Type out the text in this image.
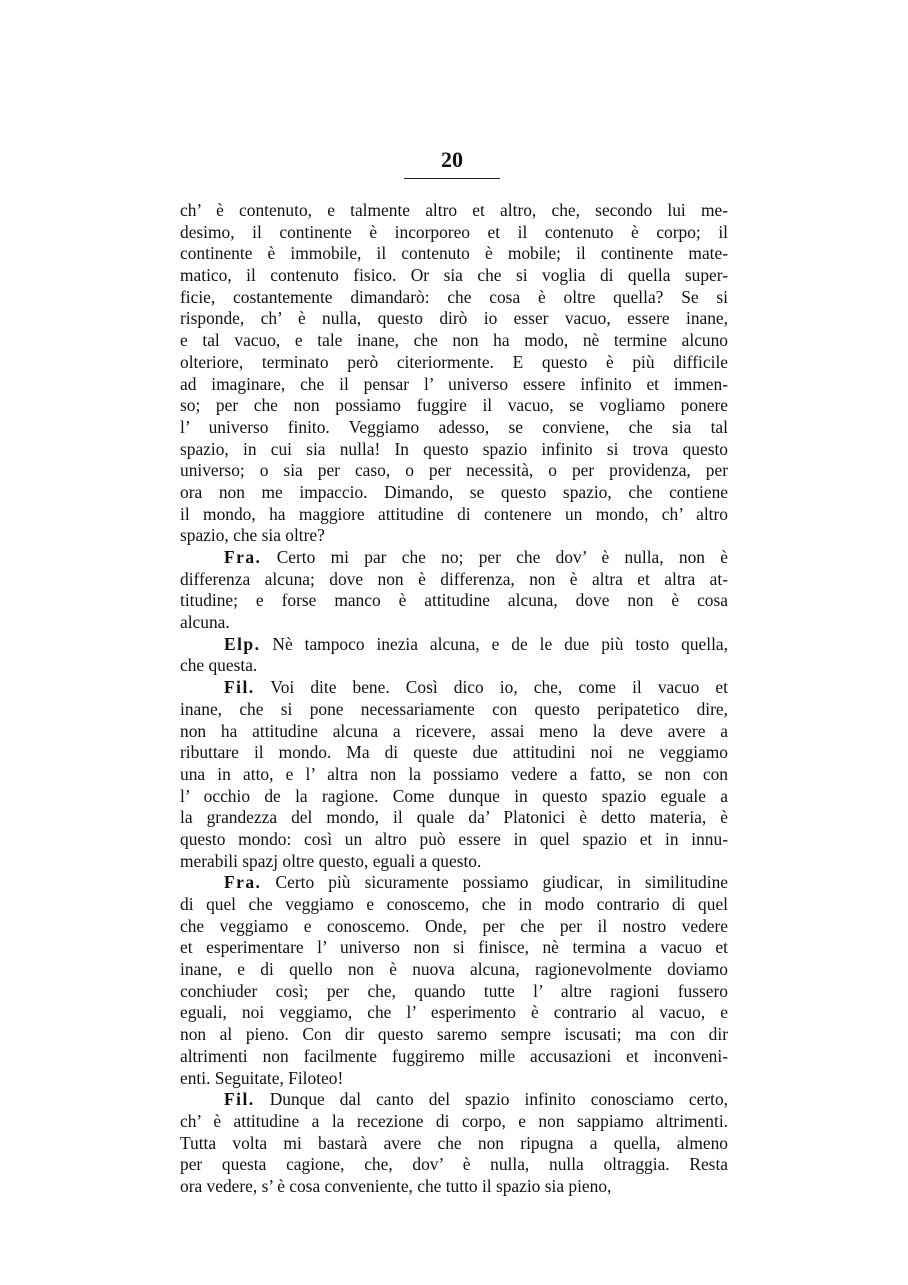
20
ch’ è contenuto, e talmente altro et altro, che, secondo lui me-
desimo, il continente è incorporeo et il contenuto è corpo; il
continente è immobile, il contenuto è mobile; il continente mate-
matico, il contenuto fisico. Or sia che si voglia di quella super-
ficie, costantemente dimandarò: che cosa è oltre quella? Se si
risponde, ch’ è nulla, questo dirò io esser vacuo, essere inane,
e tal vacuo, e tale inane, che non ha modo, nè termine alcuno
olteriore, terminato però citeriormente. E questo è più difficile
ad imaginare, che il pensar l’ universo essere infinito et immen-
so; per che non possiamo fuggire il vacuo, se vogliamo ponere
l’ universo finito. Veggiamo adesso, se conviene, che sia tal
spazio, in cui sia nulla! In questo spazio infinito si trova questo
universo; o sia per caso, o per necessità, o per providenza, per
ora non me impaccio. Dimando, se questo spazio, che contiene
il mondo, ha maggiore attitudine di contenere un mondo, ch’ altro
spazio, che sia oltre?
Fra. Certo mi par che no; per che dov’ è nulla, non è
differenza alcuna; dove non è differenza, non è altra et altra at-
titudine; e forse manco è attitudine alcuna, dove non è cosa
alcuna.
Elp. Nè tampoco inezia alcuna, e de le due più tosto quella,
che questa.
Fil. Voi dite bene. Così dico io, che, come il vacuo et
inane, che si pone necessariamente con questo peripatetico dire,
non ha attitudine alcuna a ricevere, assai meno la deve avere a
ributtare il mondo. Ma di queste due attitudini noi ne veggiamo
una in atto, e l’ altra non la possiamo vedere a fatto, se non con
l’ occhio de la ragione. Come dunque in questo spazio eguale a
la grandezza del mondo, il quale da’ Platonici è detto materia, è
questo mondo: così un altro può essere in quel spazio et in innu-
merabili spazj oltre questo, eguali a questo.
Fra. Certo più sicuramente possiamo giudicar, in similitudine
di quel che veggiamo e conoscemo, che in modo contrario di quel
che veggiamo e conoscemo. Onde, per che per il nostro vedere
et esperimentare l’ universo non si finisce, nè termina a vacuo et
inane, e di quello non è nuova alcuna, ragionevolmente doviamo
conchiuder così; per che, quando tutte l’ altre ragioni fussero
eguali, noi veggiamo, che l’ esperimento è contrario al vacuo, e
non al pieno. Con dir questo saremo sempre iscusati; ma con dir
altrimenti non facilmente fuggiremo mille accusazioni et inconveni-
enti. Seguitate, Filoteo!
Fil. Dunque dal canto del spazio infinito conosciamo certo,
ch’ è attitudine a la recezione di corpo, e non sappiamo altrimenti.
Tutta volta mi bastarà avere che non ripugna a quella, almeno
per questa cagione, che, dov’ è nulla, nulla oltraggia. Resta
ora vedere, s’ è cosa conveniente, che tutto il spazio sia pieno,
